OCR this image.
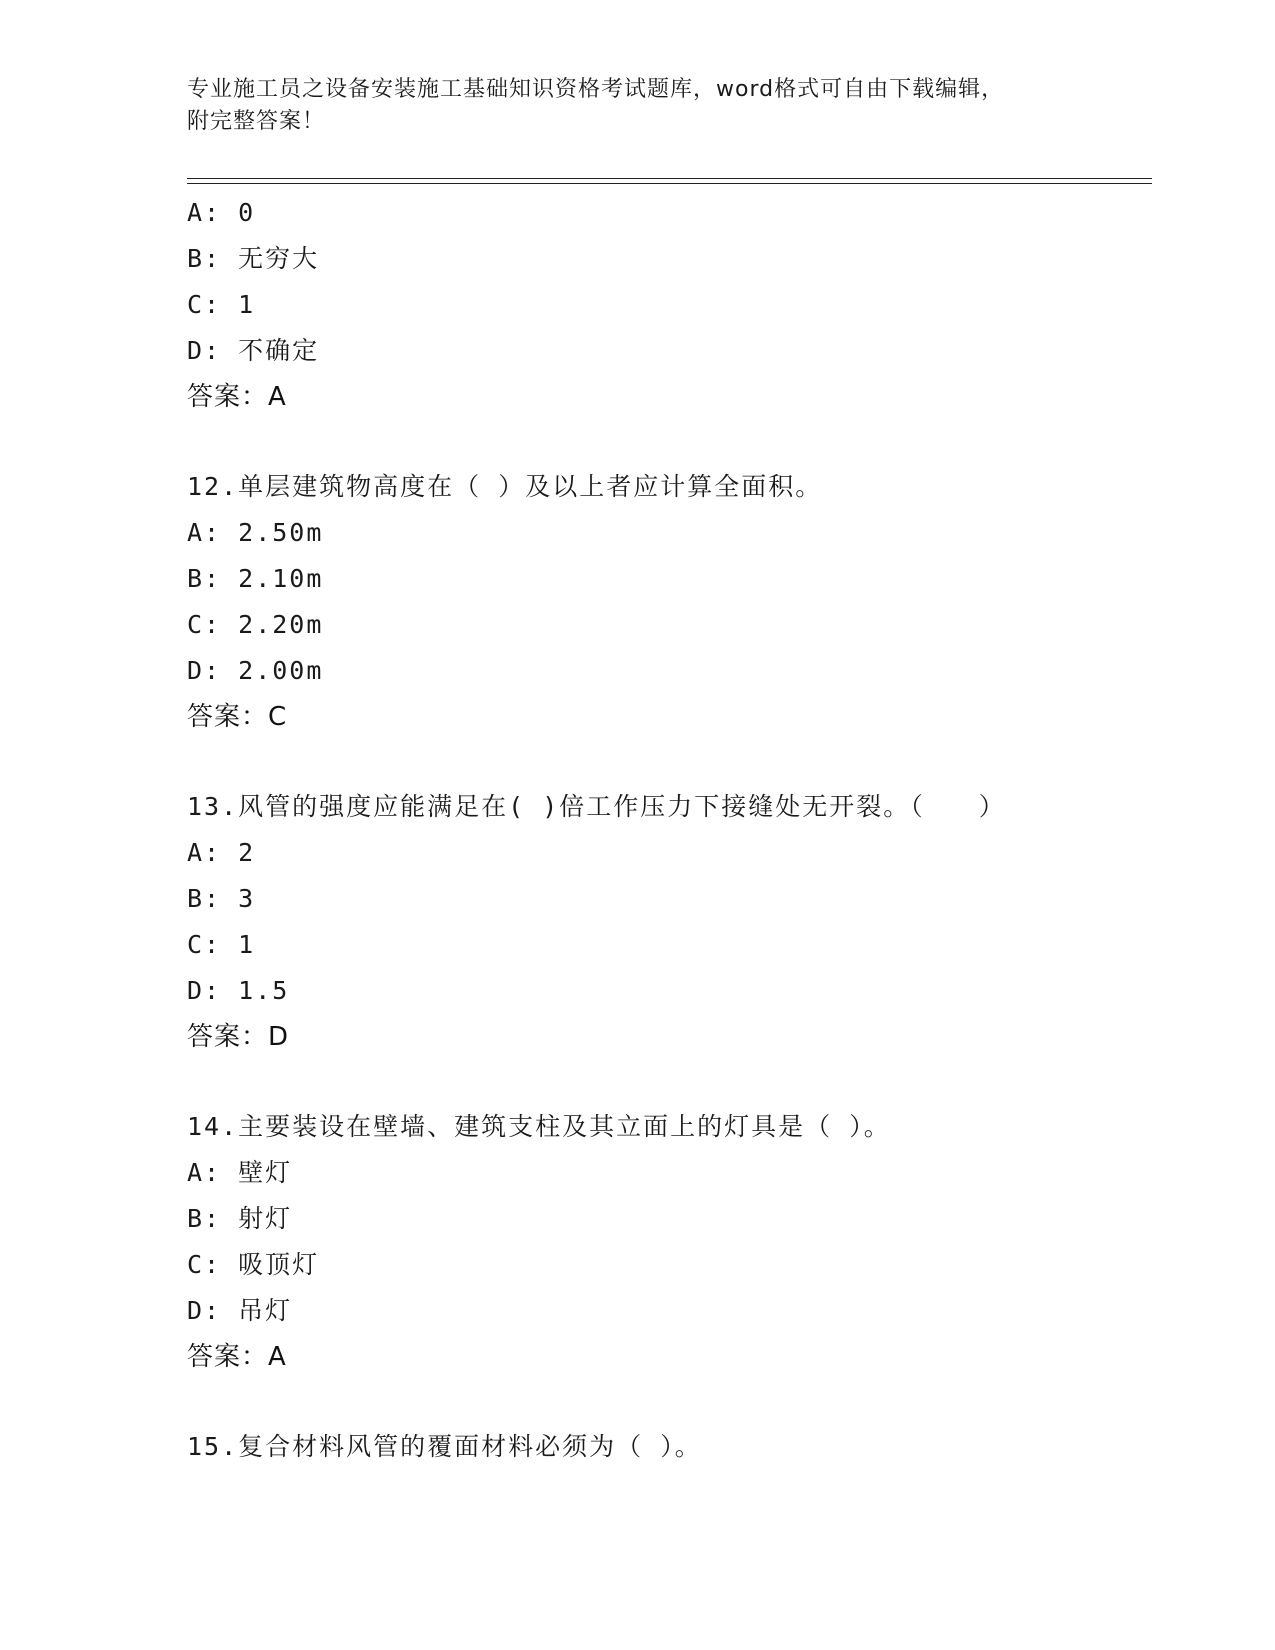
专业施工员之设备安装施工基础知识资格考试题库，word格式可自由下载编辑，
附完整答案！
A: 0
B: 无穷大
C: 1
D: 不确定
答案：A
12.单层建筑物高度在（ ）及以上者应计算全面积。
A: 2.50m
B: 2.10m
C: 2.20m
D: 2.00m
答案：C
13.风管的强度应能满足在( )倍工作压力下接缝处无开裂。（　　）
A: 2
B: 3
C: 1
D: 1.5
答案：D
14.主要装设在壁墙、建筑支柱及其立面上的灯具是（ ）。
A: 壁灯
B: 射灯
C: 吸顶灯
D: 吊灯
答案：A
15.复合材料风管的覆面材料必须为（ ）。
